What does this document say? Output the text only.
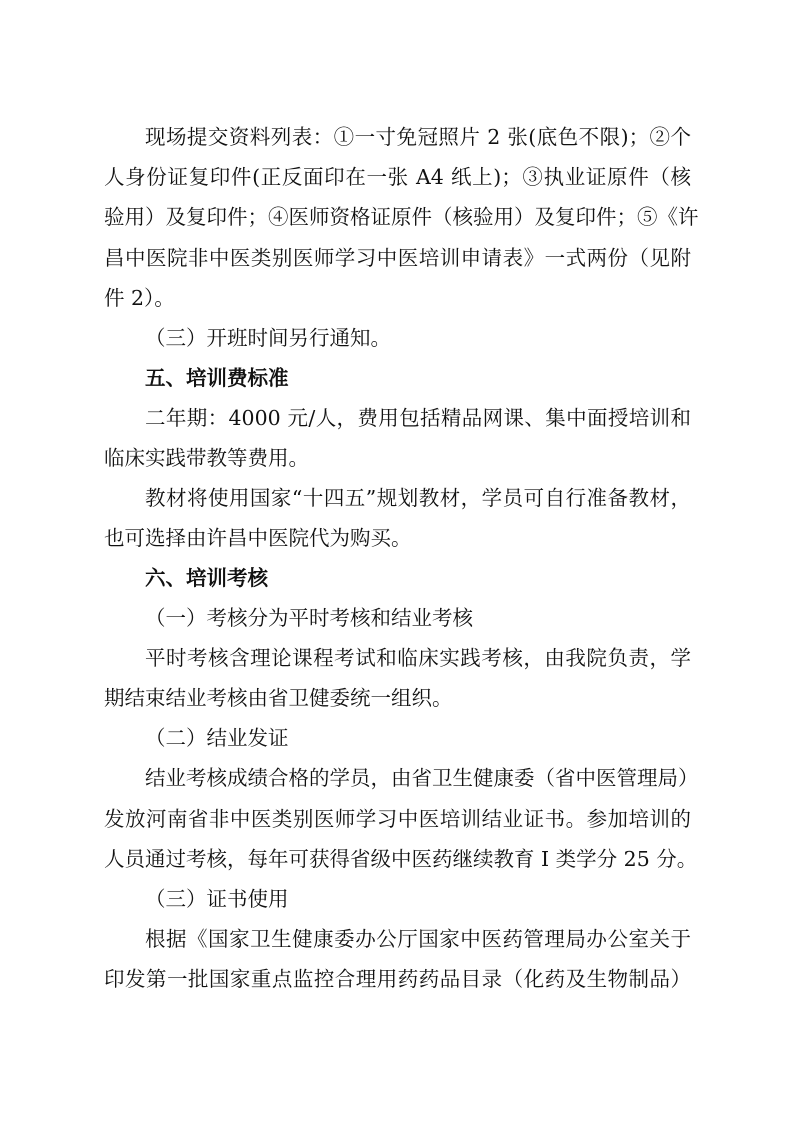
现场提交资料列表：①一寸免冠照片 2 张(底色不限)；②个
人身份证复印件(正反面印在一张 A4 纸上)；③执业证原件（核
验用）及复印件；④医师资格证原件（核验用）及复印件；⑤《许
昌中医院非中医类别医师学习中医培训申请表》一式两份（见附
件 2）。
（三）开班时间另行通知。
五、培训费标准
二年期：4000 元/人，费用包括精品网课、集中面授培训和
临床实践带教等费用。
教材将使用国家“十四五”规划教材，学员可自行准备教材，
也可选择由许昌中医院代为购买。
六、培训考核
（一）考核分为平时考核和结业考核
平时考核含理论课程考试和临床实践考核，由我院负责，学
期结束结业考核由省卫健委统一组织。
（二）结业发证
结业考核成绩合格的学员，由省卫生健康委（省中医管理局）
发放河南省非中医类别医师学习中医培训结业证书。参加培训的
人员通过考核，每年可获得省级中医药继续教育 I 类学分 25 分。
（三）证书使用
根据《国家卫生健康委办公厅国家中医药管理局办公室关于
印发第一批国家重点监控合理用药药品目录（化药及生物制品）
